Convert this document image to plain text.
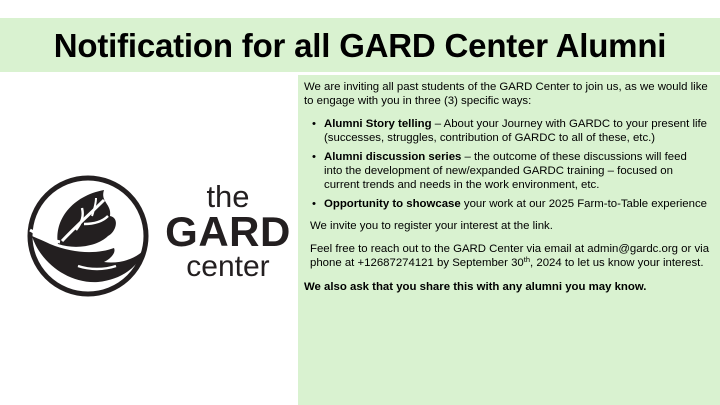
Notification for all GARD Center Alumni
the
GARD
center

We are inviting all past students of the GARD Center to join us, as we would like to engage with you in three (3) specific ways:

• Alumni Story telling – About your Journey with GARDC to your present life (successes, struggles, contribution of GARDC to all of these, etc.)
• Alumni discussion series – the outcome of these discussions will feed into the development of new/expanded GARDC training – focused on current trends and needs in the work environment, etc.
• Opportunity to showcase your work at our 2025 Farm-to-Table experience

We invite you to register your interest at the link.

Feel free to reach out to the GARD Center via email at admin@gardc.org or via phone at +12687274121 by September 30th, 2024 to let us know your interest.

We also ask that you share this with any alumni you may know.
